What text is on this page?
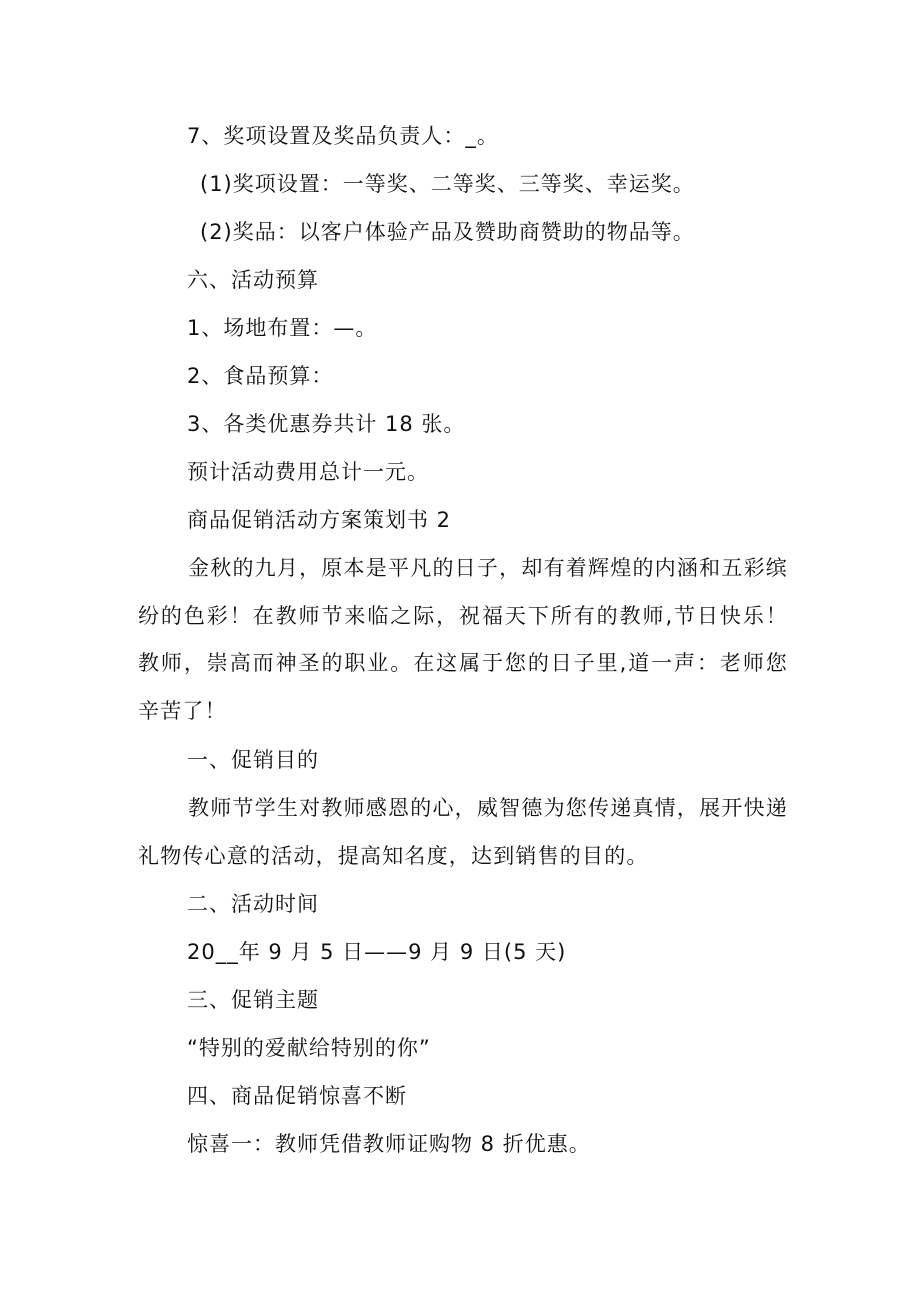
7、奖项设置及奖品负责人：_。
(1)奖项设置：一等奖、二等奖、三等奖、幸运奖。
(2)奖品：以客户体验产品及赞助商赞助的物品等。
六、活动预算
1、场地布置：—。
2、食品预算：
3、各类优惠券共计 18 张。
预计活动费用总计一元。
商品促销活动方案策划书 2
金秋的九月，原本是平凡的日子，却有着辉煌的内涵和五彩缤纷的色彩！在教师节来临之际，祝福天下所有的教师,节日快乐！教师，崇高而神圣的职业。在这属于您的日子里,道一声：老师您辛苦了！
一、促销目的
教师节学生对教师感恩的心，威智德为您传递真情，展开快递礼物传心意的活动，提高知名度，达到销售的目的。
二、活动时间
20__年 9 月 5 日——9 月 9 日(5 天)
三、促销主题
“特别的爱献给特别的你”
四、商品促销惊喜不断
惊喜一：教师凭借教师证购物 8 折优惠。
